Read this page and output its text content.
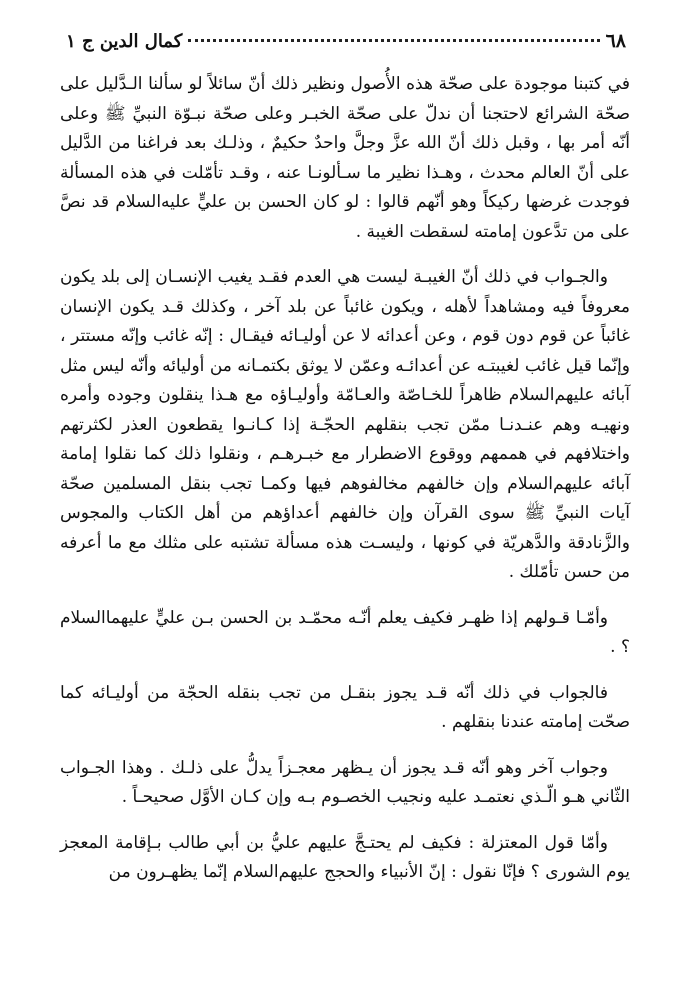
٦٨
كمال الدين ج ١

في كتبنا موجودة على صحّة هذه الأُصول ونظير ذلك أنّ سائلاً لو سألنا الـدَّليل على صحّة الشرائع لاحتجنا أن ندلّ على صحّة الخبـر وعلى صحّة نبـوّة النبيِّ ﷺ وعلى أنّه أمر بها ، وقبل ذلك أنّ الله عزَّ وجلَّ واحدٌ حكيمٌ ، وذلـك بعد فراغنا من الدَّليل على أنّ العالم محدث ، وهـذا نظير ما سـألونـا عنه ، وقـد تأمّلت في هذه المسألة فوجدت غرضها ركيكاً وهو أنّهم قالوا : لو كان الحسن بن عليٍّ عليه‌السلام قد نصَّ على من تدَّعون إمامته لسقطت الغيبة .

والجـواب في ذلك أنّ الغيبـة ليست هي العدم فقـد يغيب الإنسـان إلى بلد يكون معروفاً فيه ومشاهداً لأهله ، ويكون غائباً عن بلد آخر ، وكذلك قـد يكون الإنسان غائباً عن قوم دون قوم ، وعن أعدائه لا عن أوليـائه فيقـال : إنّه غائب وإنّه مستتر ، وإنّما قيل غائب لغيبتـه عن أعدائـه وعمّن لا يوثق بكتمـانه من أوليائه وأنّه ليس مثل آبائه عليهم‌السلام ظاهراً للخـاصّة والعـامّة وأوليـاؤه مع هـذا ينقلون وجوده وأمره ونهيـه وهم عنـدنـا ممّن تجب بنقلهم الحجّـة إذا كـانـوا يقطعون العذر لكثرتهم واختلافهم في هممهم ووقوع الاضطرار مع خبـرهـم ، ونقلوا ذلك كما نقلوا إمامة آبائه عليهم‌السلام وإن خالفهم مخالفوهم فيها وكمـا تجب بنقل المسلمين صحّة آيات النبيِّ ﷺ سوى القرآن وإن خالفهم أعداؤهم من أهل الكتاب والمجوس والزَّنادقة والدَّهريّة في كونها ، وليسـت هذه مسألة تشتبه على مثلك مع ما أعرفه من حسن تأمّلك .

وأمّـا قـولهم إذا ظهـر فكيف يعلم أنّـه محمّـد بن الحسن بـن عليٍّ عليهما‌السلام ؟ .

فالجواب في ذلك أنّه قـد يجوز بنقـل من تجب بنقله الحجّة من أوليـائه كما صحّت إمامته عندنا بنقلهم .

وجواب آخر وهو أنّه قـد يجوز أن يـظهر معجـزاً يدلُّ على ذلـك . وهذا الجـواب الثّاني هـو الّـذي نعتمـد عليه ونجيب الخصـوم بـه وإن كـان الأوَّل صحيحـاً .

وأمّا قول المعتزلة : فكيف لم يحتـجَّ عليهم عليُّ بن أبي طالب بـإقامة المعجز يوم الشورى ؟ فإنّا نقول : إنّ الأنبياء والحجج عليهم‌السلام إنّما يظهـرون من
